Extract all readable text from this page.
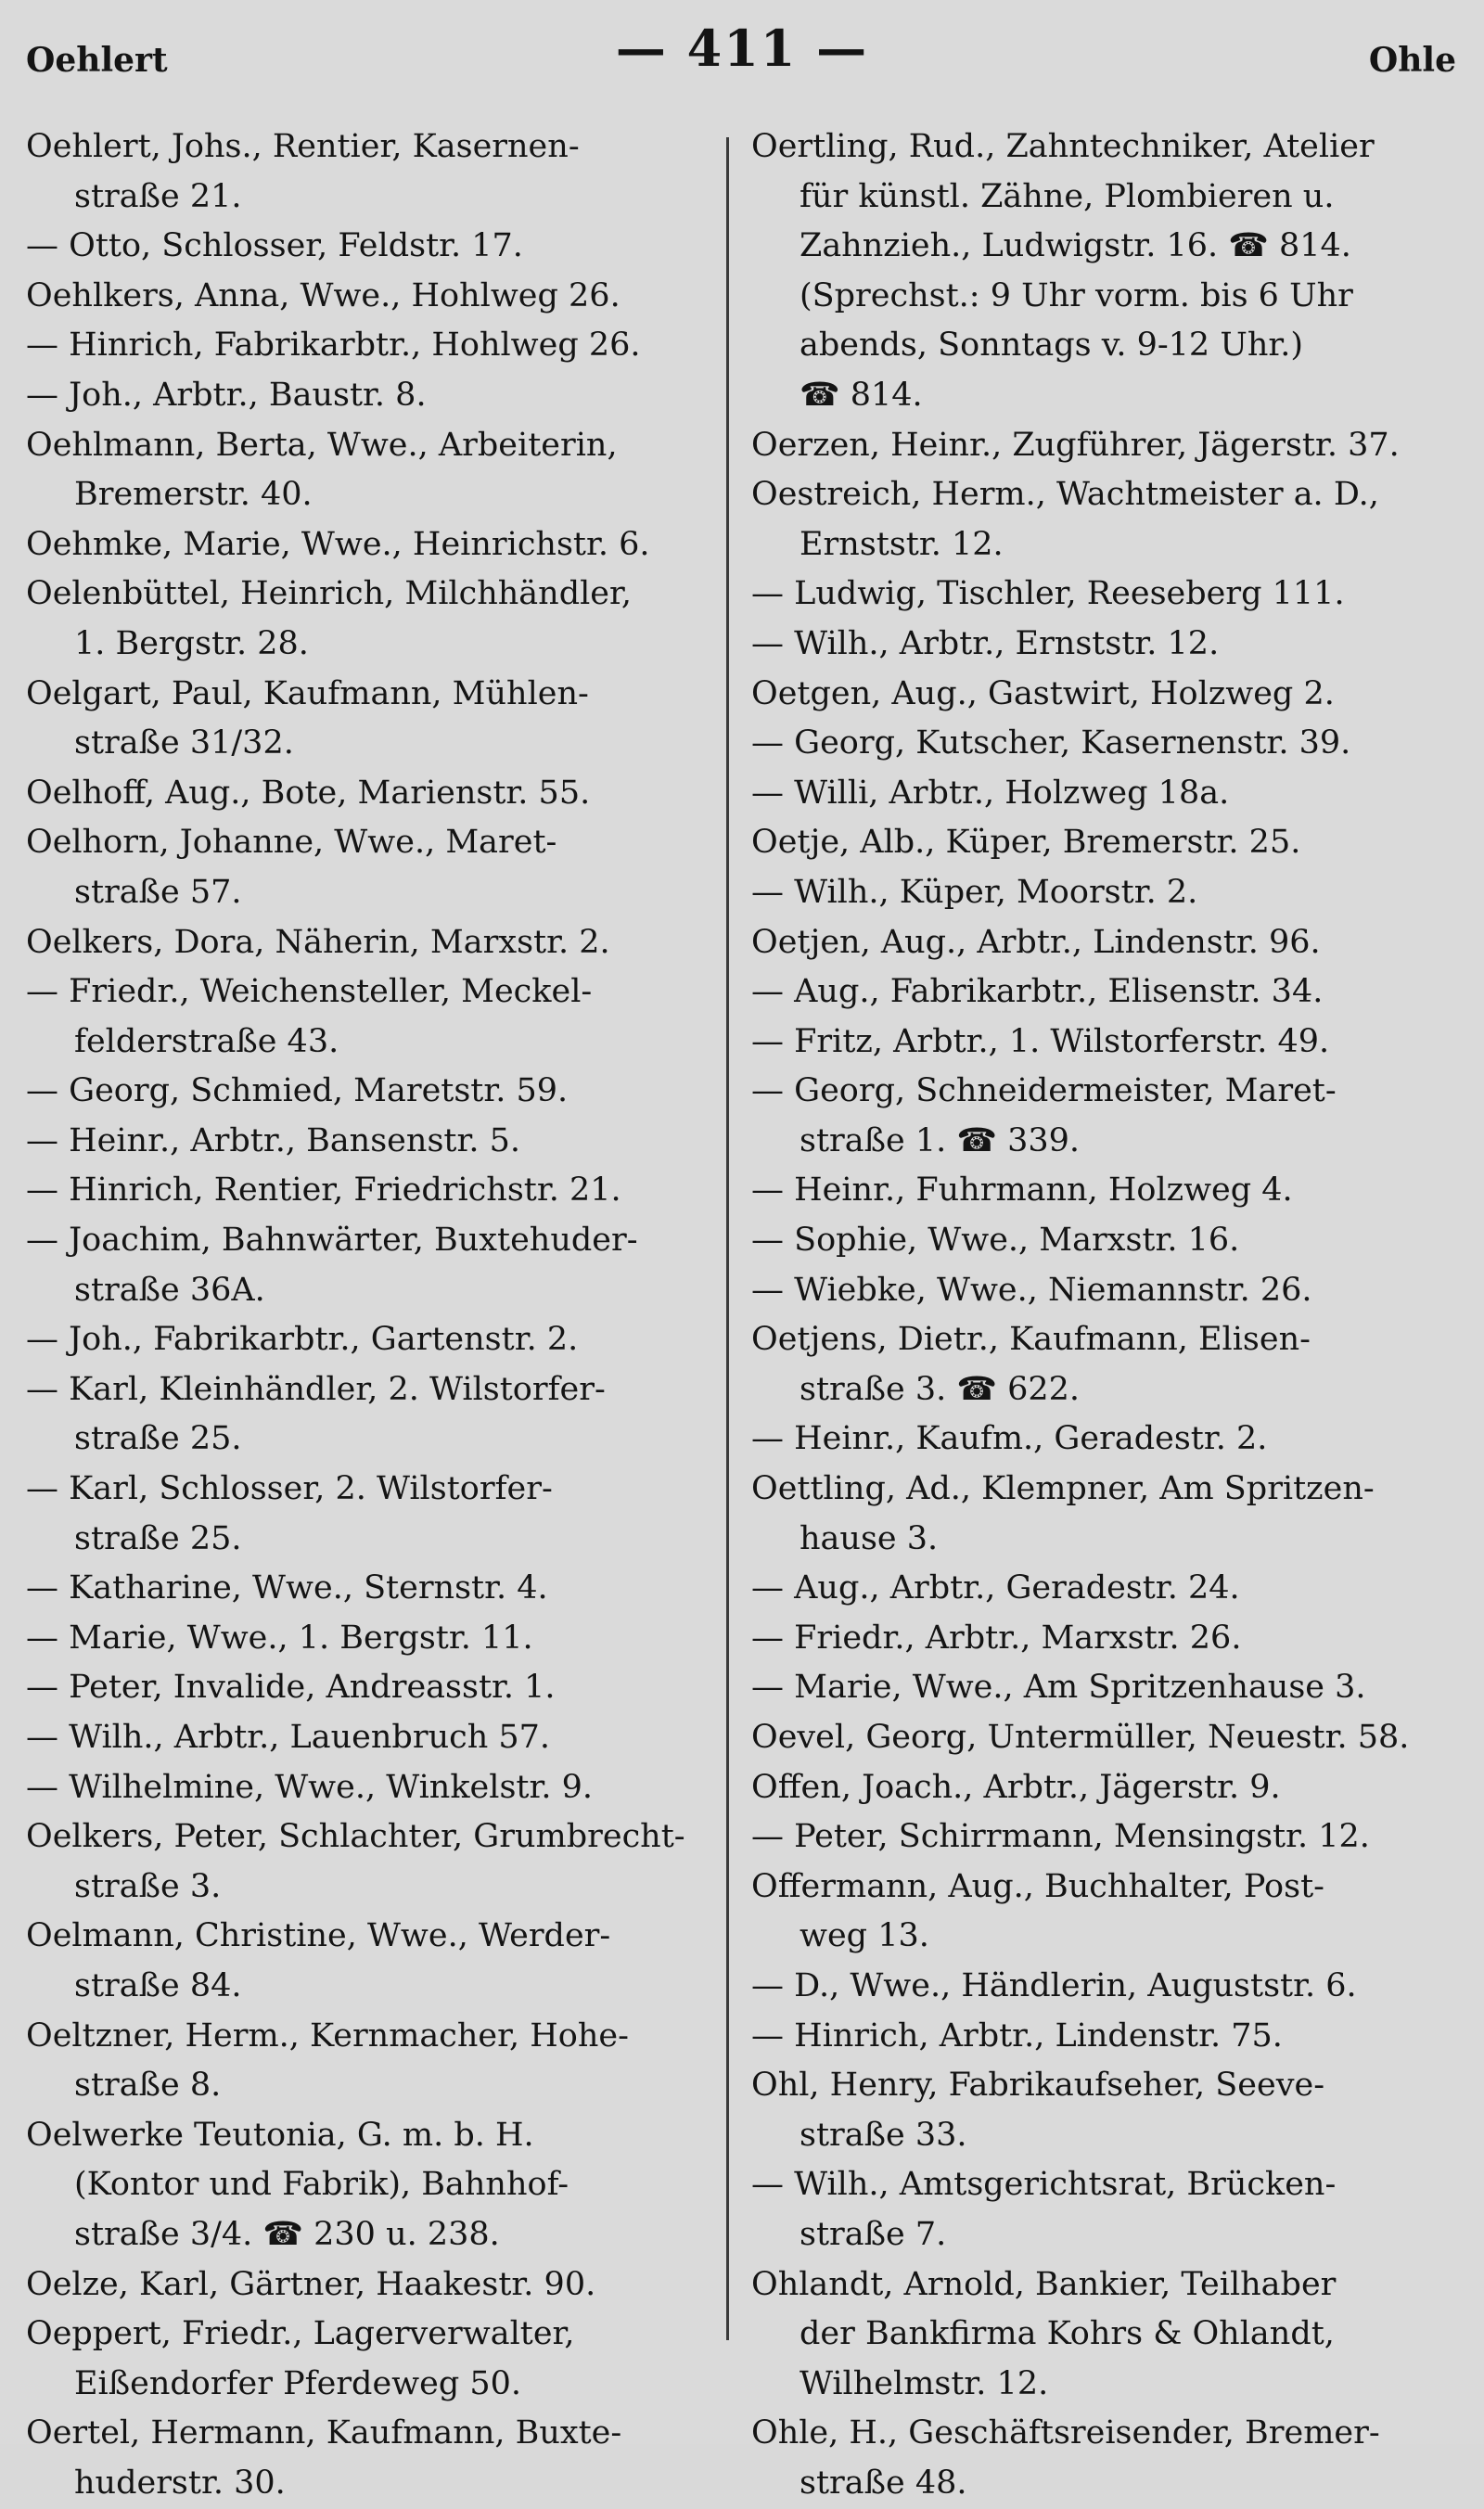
Oehlert	— 411 —	Ohle

Oehlert, Johs., Rentier, Kasernen-

straße 21.

— Otto, Schlosser, Feldstr. 17.

Oehlkers, Anna, Wwe., Hohlweg 26.

— Hinrich, Fabrikarbtr., Hohlweg 26.

— Joh., Arbtr., Baustr. 8.

Oehlmann, Berta, Wwe., Arbeiterin,

Bremerstr. 40.

Oehmke, Marie, Wwe., Heinrichstr. 6.

Oelenbüttel, Heinrich, Milchhändler,

1. Bergstr. 28.

Oelgart, Paul, Kaufmann, Mühlen-

straße 31/32.

Oelhoff, Aug., Bote, Marienstr. 55.

Oelhorn, Johanne, Wwe., Maret-

straße 57.

Oelkers, Dora, Näherin, Marxstr. 2.

— Friedr., Weichensteller, Meckel-

felderstraße 43.

— Georg, Schmied, Maretstr. 59.

— Heinr., Arbtr., Bansenstr. 5.

— Hinrich, Rentier, Friedrichstr. 21.

— Joachim, Bahnwärter, Buxtehuder-

straße 36A.

— Joh., Fabrikarbtr., Gartenstr. 2.

— Karl, Kleinhändler, 2. Wilstorfer-

straße 25.

— Karl, Schlosser, 2. Wilstorfer-

straße 25.

— Katharine, Wwe., Sternstr. 4.

— Marie, Wwe., 1. Bergstr. 11.

— Peter, Invalide, Andreasstr. 1.

— Wilh., Arbtr., Lauenbruch 57.

— Wilhelmine, Wwe., Winkelstr. 9.

Oelkers, Peter, Schlachter, Grumbrecht-

straße 3.

Oelmann, Christine, Wwe., Werder-

straße 84.

Oeltzner, Herm., Kernmacher, Hohe-

straße 8.

Oelwerke Teutonia, G. m. b. H.

(Kontor und Fabrik), Bahnhof-

straße 3/4. ☎ 230 u. 238.

Oelze, Karl, Gärtner, Haakestr. 90.

Oeppert, Friedr., Lagerverwalter,

Eißendorfer Pferdeweg 50.

Oertel, Hermann, Kaufmann, Buxte-

huderstr. 30.

Oertling, Rud., Zahntechniker, Atelier

für künstl. Zähne, Plombieren u.

Zahnzieh., Ludwigstr. 16. ☎ 814.

(Sprechst.: 9 Uhr vorm. bis 6 Uhr

abends, Sonntags v. 9-12 Uhr.)

☎ 814.

Oerzen, Heinr., Zugführer, Jägerstr. 37.

Oestreich, Herm., Wachtmeister a. D.,

Ernststr. 12.

— Ludwig, Tischler, Reeseberg 111.

— Wilh., Arbtr., Ernststr. 12.

Oetgen, Aug., Gastwirt, Holzweg 2.

— Georg, Kutscher, Kasernenstr. 39.

— Willi, Arbtr., Holzweg 18a.

Oetje, Alb., Küper, Bremerstr. 25.

— Wilh., Küper, Moorstr. 2.

Oetjen, Aug., Arbtr., Lindenstr. 96.

— Aug., Fabrikarbtr., Elisenstr. 34.

— Fritz, Arbtr., 1. Wilstorferstr. 49.

— Georg, Schneidermeister, Maret-

straße 1. ☎ 339.

— Heinr., Fuhrmann, Holzweg 4.

— Sophie, Wwe., Marxstr. 16.

— Wiebke, Wwe., Niemannstr. 26.

Oetjens, Dietr., Kaufmann, Elisen-

straße 3. ☎ 622.

— Heinr., Kaufm., Geradestr. 2.

Oettling, Ad., Klempner, Am Spritzen-

hause 3.

— Aug., Arbtr., Geradestr. 24.

— Friedr., Arbtr., Marxstr. 26.

— Marie, Wwe., Am Spritzenhause 3.

Oevel, Georg, Untermüller, Neuestr. 58.

Offen, Joach., Arbtr., Jägerstr. 9.

— Peter, Schirrmann, Mensingstr. 12.

Offermann, Aug., Buchhalter, Post-

weg 13.

— D., Wwe., Händlerin, Auguststr. 6.

— Hinrich, Arbtr., Lindenstr. 75.

Ohl, Henry, Fabrikaufseher, Seeve-

straße 33.

— Wilh., Amtsgerichtsrat, Brücken-

straße 7.

Ohlandt, Arnold, Bankier, Teilhaber

der Bankfirma Kohrs & Ohlandt,

Wilhelmstr. 12.

Ohle, H., Geschäftsreisender, Bremer-

straße 48.
